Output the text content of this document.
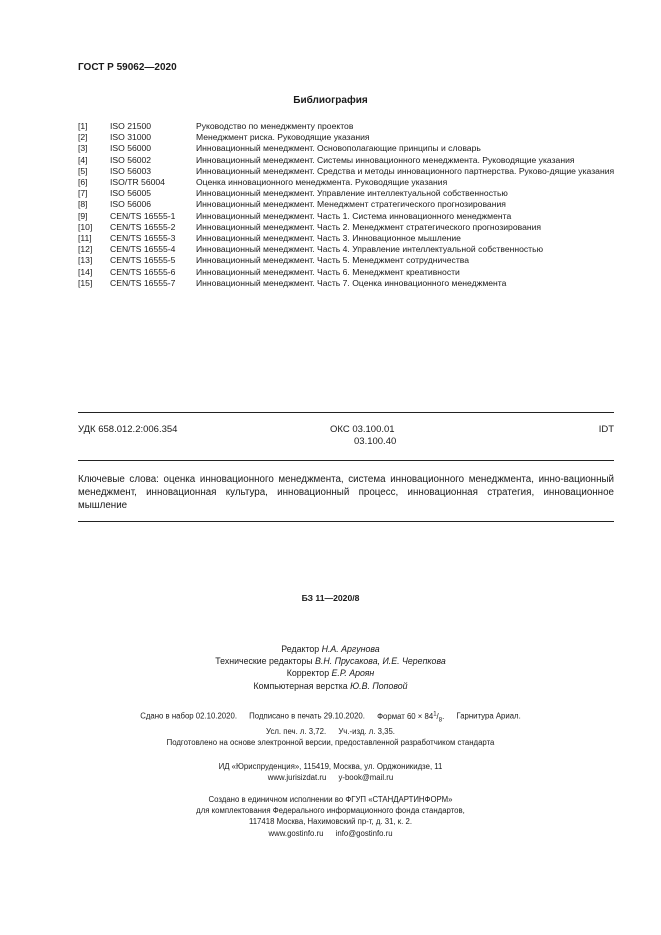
ГОСТ Р 59062—2020
Библиография
[1]	ISO 21500	Руководство по менеджменту проектов
[2]	ISO 31000	Менеджмент риска. Руководящие указания
[3]	ISO 56000	Инновационный менеджмент. Основополагающие принципы и словарь
[4]	ISO 56002	Инновационный менеджмент. Системы инновационного менеджмента. Руководящие указания
[5]	ISO 56003	Инновационный менеджмент. Средства и методы инновационного партнерства. Руково-дящие указания
[6]	ISO/TR 56004	Оценка инновационного менеджмента. Руководящие указания
[7]	ISO 56005	Инновационный менеджмент. Управление интеллектуальной собственностью
[8]	ISO 56006	Инновационный менеджмент. Менеджмент стратегического прогнозирования
[9]	CEN/TS 16555-1	Инновационный менеджмент. Часть 1. Система инновационного менеджмента
[10]	CEN/TS 16555-2	Инновационный менеджмент. Часть 2. Менеджмент стратегического прогнозирования
[11]	CEN/TS 16555-3	Инновационный менеджмент. Часть 3. Инновационное мышление
[12]	CEN/TS 16555-4	Инновационный менеджмент. Часть 4. Управление интеллектуальной собственностью
[13]	CEN/TS 16555-5	Инновационный менеджмент. Часть 5. Менеджмент сотрудничества
[14]	CEN/TS 16555-6	Инновационный менеджмент. Часть 6. Менеджмент креативности
[15]	CEN/TS 16555-7	Инновационный менеджмент. Часть 7. Оценка инновационного менеджмента
УДК 658.012.2:006.354	ОКС 03.100.01
03.100.40
IDT
Ключевые слова: оценка инновационного менеджмента, система инновационного менеджмента, инно-вационный менеджмент, инновационная культура, инновационный процесс, инновационная стратегия, инновационное мышление
БЗ 11—2020/8
Редактор Н.А. Аргунова
Технические редакторы В.Н. Прусакова, И.Е. Черепкова
Корректор Е.Р. Ароян
Компьютерная верстка Ю.В. Поповой
Сдано в набор 02.10.2020. Подписано в печать 29.10.2020. Формат $60 \times 84^1/_8$. Гарнитура Ариал.
Усл. печ. л. 3,72. Уч.-изд. л. 3,35.
Подготовлено на основе электронной версии, предоставленной разработчиком стандарта
ИД «Юриспруденция», 115419, Москва, ул. Орджоникидзе, 11
www.jurisizdat.ru y-book@mail.ru
Создано в единичном исполнении во ФГУП «СТАНДАРТИНФОРМ»
для комплектования Федерального информационного фонда стандартов,
117418 Москва, Нахимовский пр-т, д. 31, к. 2.
www.gostinfo.ru info@gostinfo.ru
